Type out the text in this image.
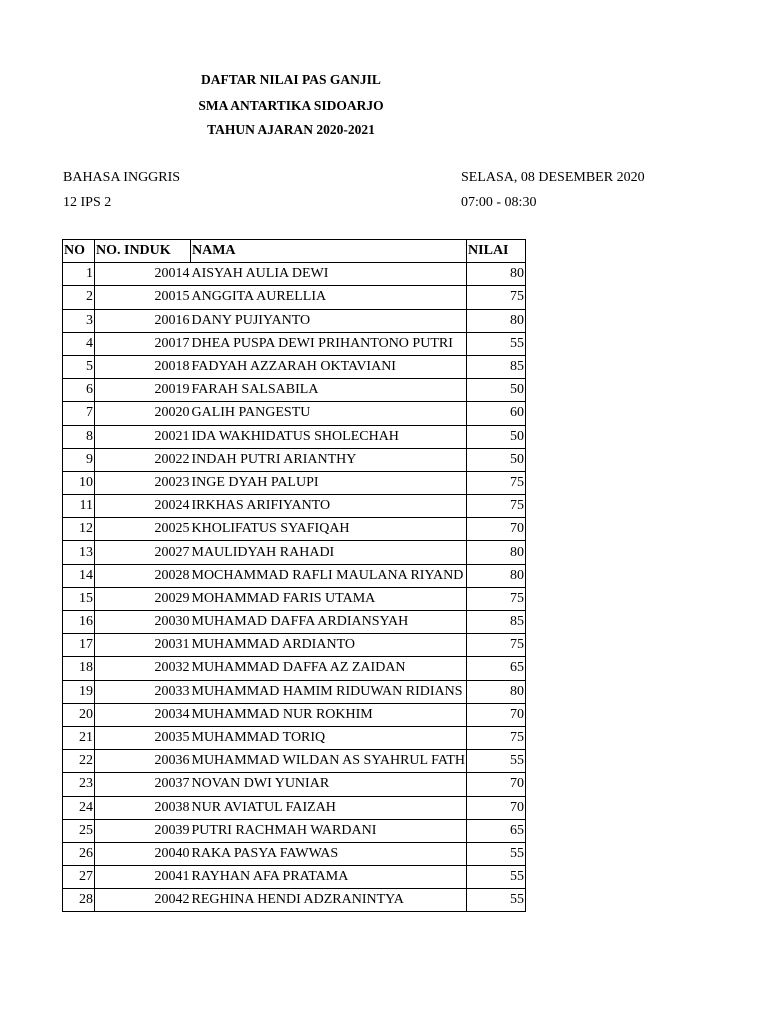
DAFTAR NILAI PAS GANJIL
SMA ANTARTIKA SIDOARJO
TAHUN AJARAN 2020-2021
BAHASA INGGRIS
12 IPS 2
SELASA, 08 DESEMBER 2020
07:00 - 08:30
NO	NO. INDUK	NAMA	NILAI
1	20014	AISYAH AULIA DEWI	80
2	20015	ANGGITA AURELLIA	75
3	20016	DANY PUJIYANTO	80
4	20017	DHEA PUSPA DEWI PRIHANTONO PUTRI	55
5	20018	FADYAH AZZARAH OKTAVIANI	85
6	20019	FARAH SALSABILA	50
7	20020	GALIH PANGESTU	60
8	20021	IDA WAKHIDATUS SHOLECHAH	50
9	20022	INDAH PUTRI ARIANTHY	50
10	20023	INGE DYAH PALUPI	75
11	20024	IRKHAS ARIFIYANTO	75
12	20025	KHOLIFATUS SYAFIQAH	70
13	20027	MAULIDYAH RAHADI	80
14	20028	MOCHAMMAD RAFLI MAULANA RIYAND	80
15	20029	MOHAMMAD FARIS UTAMA	75
16	20030	MUHAMAD DAFFA ARDIANSYAH	85
17	20031	MUHAMMAD ARDIANTO	75
18	20032	MUHAMMAD DAFFA AZ ZAIDAN	65
19	20033	MUHAMMAD HAMIM RIDUWAN RIDIANS	80
20	20034	MUHAMMAD NUR ROKHIM	70
21	20035	MUHAMMAD TORIQ	75
22	20036	MUHAMMAD WILDAN AS SYAHRUL FATH	55
23	20037	NOVAN DWI YUNIAR	70
24	20038	NUR AVIATUL FAIZAH	70
25	20039	PUTRI RACHMAH WARDANI	65
26	20040	RAKA PASYA FAWWAS	55
27	20041	RAYHAN AFA PRATAMA	55
28	20042	REGHINA HENDI ADZRANINTYA	55
